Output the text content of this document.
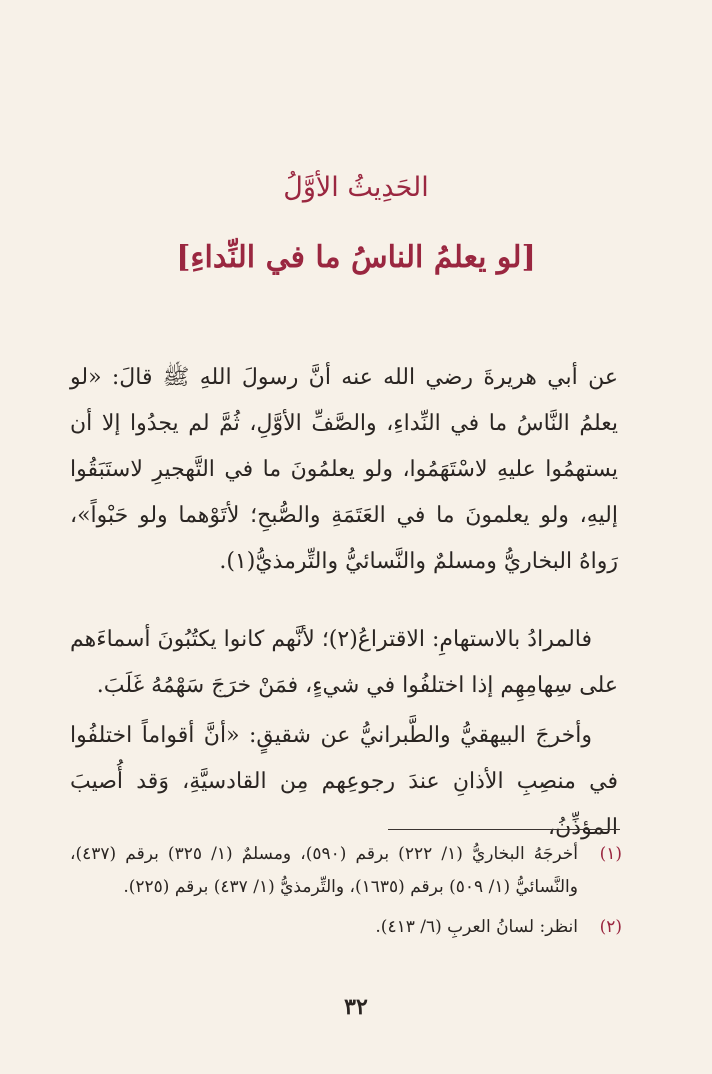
الحَدِيثُ الأوَّلُ
[لو يعلمُ الناسُ ما في النِّداءِ]
عن أبي هريرةَ رضي الله عنه أنَّ رسولَ اللهِ ﷺ قالَ: «لو يعلمُ النَّاسُ ما في النِّداءِ، والصَّفِّ الأوَّلِ، ثُمَّ لم يجدُوا إلا أن يستهمُوا عليهِ لاسْتَهَمُوا، ولو يعلمُونَ ما في التَّهجيرِ لاستَبَقُوا إليهِ، ولو يعلمونَ ما في العَتَمَةِ والصُّبحِ؛ لأتَوْهما ولو حَبْواً»، رَواهُ البخاريُّ ومسلمٌ والنَّسائيُّ والتِّرمذيُّ(١).
فالمرادُ بالاستهامِ: الاقتراعُ(٢)؛ لأنَّهم كانوا يكتُبُونَ أسماءَهم على سِهامِهِم إذا اختلفُوا في شيءٍ، فمَنْ خرَجَ سَهْمُهُ غَلَبَ.
وأخرجَ البيهقيُّ والطَّبرانيُّ عن شقيقٍ: «أنَّ أقواماً اختلفُوا في منصِبِ الأذانِ عندَ رجوعِهم مِن القادسيَّةِ، وَقد أُصيبَ المؤذِّنُ،
(١)
أخرجَهُ البخاريُّ (١/ ٢٢٢) برقم (٥٩٠)، ومسلمٌ (١/ ٣٢٥) برقم (٤٣٧)، والنَّسائيُّ (١/ ٥٠٩) برقم (١٦٣٥)، والتِّرمذيُّ (١/ ٤٣٧) برقم (٢٢٥).
(٢)
انظر: لسانُ العربِ (٦/ ٤١٣).
٣٢
